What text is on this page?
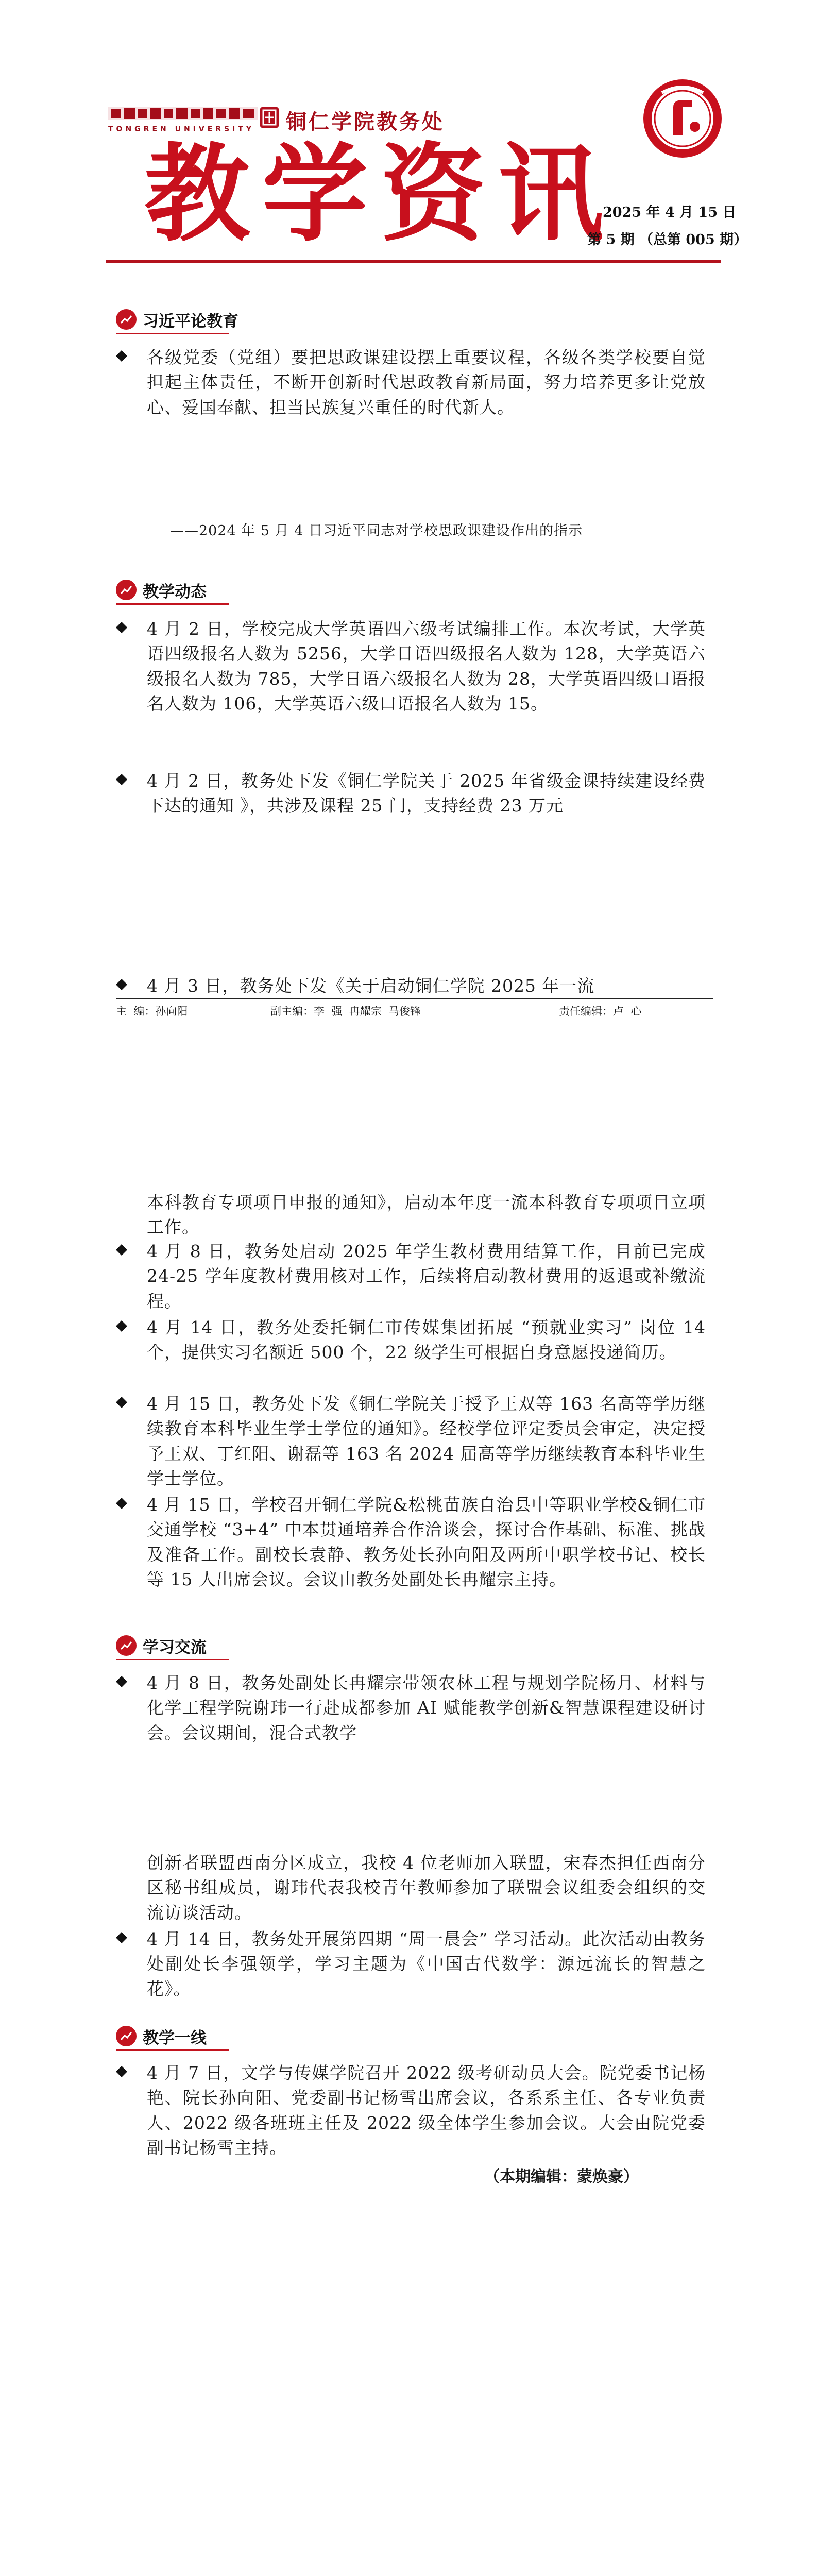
TONGREN UNIVERSITY 铜仁学院教务处
教学资讯
2025 年 4 月 15 日
第 5 期 （总第 005 期）
习近平论教育
各级党委（党组）要把思政课建设摆上重要议程，各级各类学校要自觉担起主体责任，不断开创新时代思政教育新局面，努力培养更多让党放心、爱国奉献、担当民族复兴重任的时代新人。
——2024 年 5 月 4 日习近平同志对学校思政课建设作出的指示
教学动态
4 月 2 日，学校完成大学英语四六级考试编排工作。本次考试，大学英语四级报名人数为 5256，大学日语四级报名人数为 128，大学英语六级报名人数为 785，大学日语六级报名人数为 28，大学英语四级口语报名人数为 106，大学英语六级口语报名人数为 15。
4 月 2 日，教务处下发《铜仁学院关于 2025 年省级金课持续建设经费下达的通知 》，共涉及课程 25 门，支持经费 23 万元
4 月 3 日，教务处下发《关于启动铜仁学院 2025 年一流
主  编：孙向阳	副主编：李  强  冉耀宗  马俊锋	责任编辑：卢  心
本科教育专项项目申报的通知》，启动本年度一流本科教育专项项目立项工作。
4 月 8 日，教务处启动 2025 年学生教材费用结算工作，目前已完成 24-25 学年度教材费用核对工作，后续将启动教材费用的返退或补缴流程。
4 月 14 日，教务处委托铜仁市传媒集团拓展 “预就业实习” 岗位 14 个，提供实习名额近 500 个，22 级学生可根据自身意愿投递简历。
4 月 15 日，教务处下发《铜仁学院关于授予王双等 163 名高等学历继续教育本科毕业生学士学位的通知》。经校学位评定委员会审定，决定授予王双、丁红阳、谢磊等 163 名 2024 届高等学历继续教育本科毕业生学士学位。
4 月 15 日，学校召开铜仁学院&松桃苗族自治县中等职业学校&铜仁市交通学校 “3+4” 中本贯通培养合作洽谈会，探讨合作基础、标准、挑战及准备工作。副校长袁静、教务处长孙向阳及两所中职学校书记、校长等 15 人出席会议。会议由教务处副处长冉耀宗主持。
学习交流
4 月 8 日，教务处副处长冉耀宗带领农林工程与规划学院杨月、材料与化学工程学院谢玮一行赴成都参加 AI 赋能教学创新&智慧课程建设研讨会。会议期间，混合式教学
创新者联盟西南分区成立，我校 4 位老师加入联盟，宋春杰担任西南分区秘书组成员，谢玮代表我校青年教师参加了联盟会议组委会组织的交流访谈活动。
4 月 14 日，教务处开展第四期 “周一晨会” 学习活动。此次活动由教务处副处长李强领学，学习主题为《中国古代数学：源远流长的智慧之花》。
教学一线
4 月 7 日，文学与传媒学院召开 2022 级考研动员大会。院党委书记杨艳、院长孙向阳、党委副书记杨雪出席会议，各系系主任、各专业负责人、2022 级各班班主任及 2022 级全体学生参加会议。大会由院党委副书记杨雪主持。
（本期编辑：蒙焕豪）
